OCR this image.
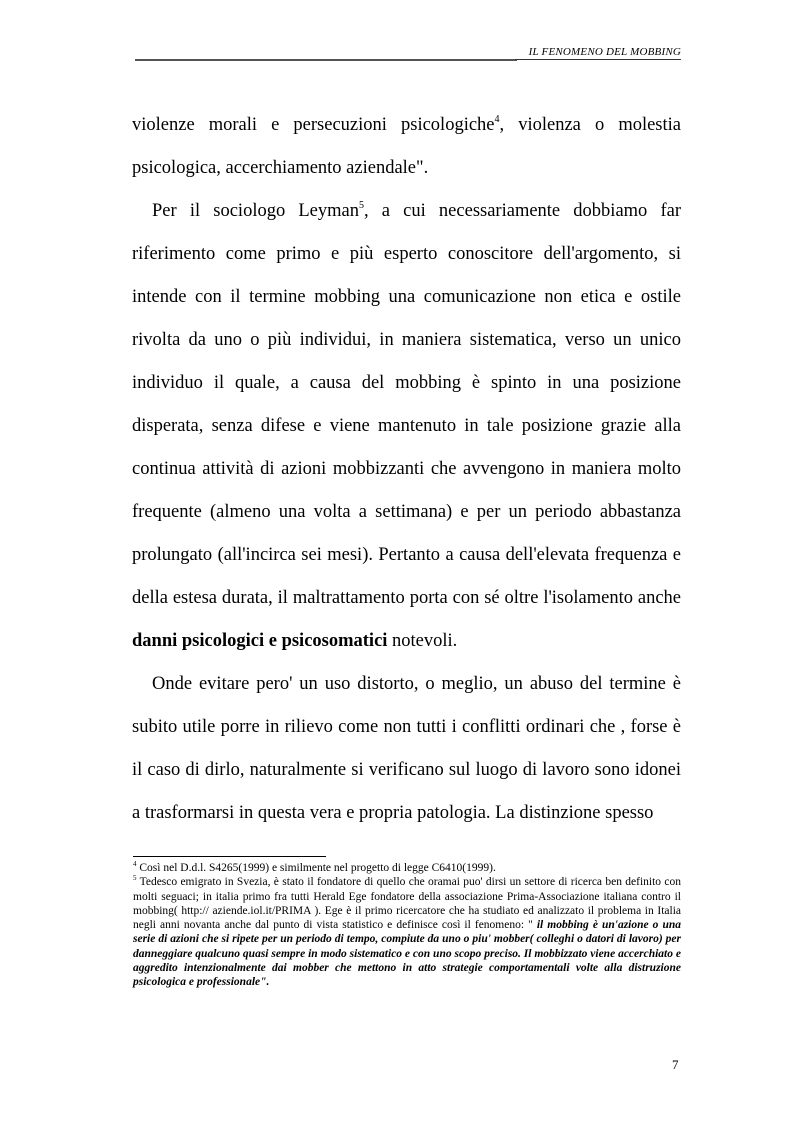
IL FENOMENO DEL MOBBING

violenze morali e persecuzioni psicologiche$^4$, violenza o molestia psicologica, accerchiamento aziendale".

Per il sociologo Leyman$^5$, a cui necessariamente dobbiamo far riferimento come primo e più esperto conoscitore dell'argomento, si intende con il termine mobbing una comunicazione non etica e ostile rivolta da uno o più individui, in maniera sistematica, verso un unico individuo il quale, a causa del mobbing è spinto in una posizione disperata, senza difese e viene mantenuto in tale posizione grazie alla continua attività di azioni mobbizzanti che avvengono in maniera molto frequente (almeno una volta a settimana) e per un periodo abbastanza prolungato (all'incirca sei mesi). Pertanto a causa dell'elevata frequenza e della estesa durata, il maltrattamento porta con sé oltre l'isolamento anche danni psicologici e psicosomatici notevoli.

Onde evitare pero' un uso distorto, o meglio, un abuso del termine è subito utile porre in rilievo come non tutti i conflitti ordinari che , forse è il caso di dirlo, naturalmente si verificano sul luogo di lavoro sono idonei a trasformarsi in questa vera e propria patologia. La distinzione spesso

$^4$ Così nel D.d.l. S4265(1999) e similmente nel progetto di legge C6410(1999).

$^5$ Tedesco emigrato in Svezia, è stato il fondatore di quello che oramai puo' dirsi un settore di ricerca ben definito con molti seguaci; in italia primo fra tutti Herald Ege fondatore della associazione Prima-Associazione italiana contro il mobbing( http:// aziende.iol.it/PRIMA ). Ege è il primo ricercatore che ha studiato ed analizzato il problema in Italia negli anni novanta anche dal punto di vista statistico e definisce così il fenomeno: " il mobbing è un'azione o una serie di azioni che si ripete per un periodo di tempo, compiute da uno o piu' mobber( colleghi o datori di lavoro) per danneggiare qualcuno quasi sempre in modo sistematico e con uno scopo preciso. Il mobbizzato viene accerchiato e aggredito intenzionalmente dai mobber che mettono in atto strategie comportamentali volte alla distruzione psicologica e professionale".

7
